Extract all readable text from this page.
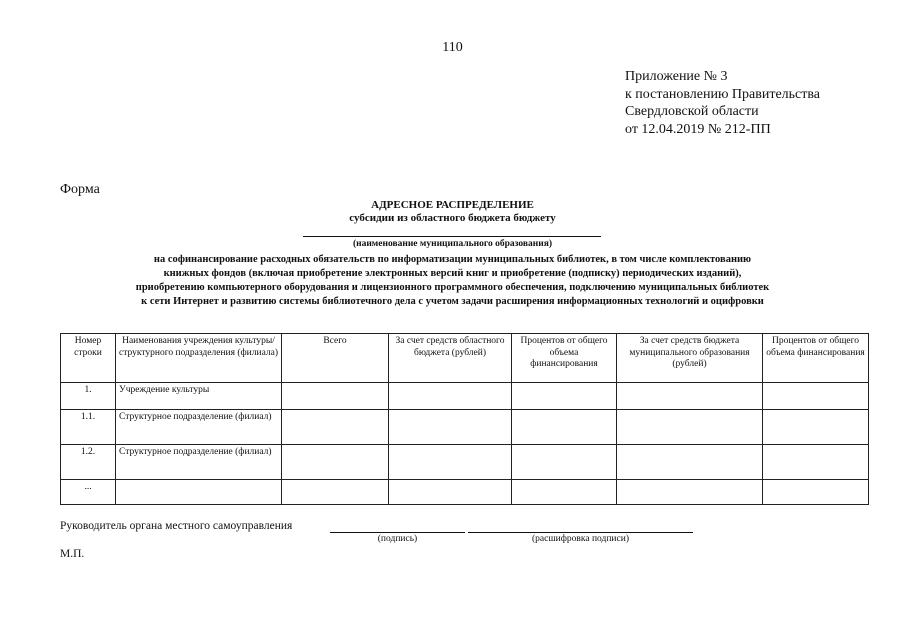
110
Приложение № 3
к постановлению Правительства
Свердловской области
от 12.04.2019 № 212-ПП
Форма
АДРЕСНОЕ РАСПРЕДЕЛЕНИЕ
субсидии из областного бюджета бюджету
(наименование муниципального образования)
на софинансирование расходных обязательств по информатизации муниципальных библиотек, в том числе комплектованию
книжных фондов (включая приобретение электронных версий книг и приобретение (подписку) периодических изданий),
приобретению компьютерного оборудования и лицензионного программного обеспечения, подключению муниципальных библиотек
к сети Интернет и развитию системы библиотечного дела с учетом задачи расширения информационных технологий и оцифровки
Номер строки	Наименования учреждения культуры/структурного подразделения (филиала)	Всего	За счет средств областного бюджета (рублей)	Процентов от общего объема финансирования	За счет средств бюджета муниципального образования (рублей)	Процентов от общего объема финансирования
1.	Учреждение культуры					
1.1.	Структурное подразделение (филиал)					
1.2.	Структурное подразделение (филиал)					
...						
Руководитель органа местного самоуправления
(подпись)	(расшифровка подписи)
М.П.
